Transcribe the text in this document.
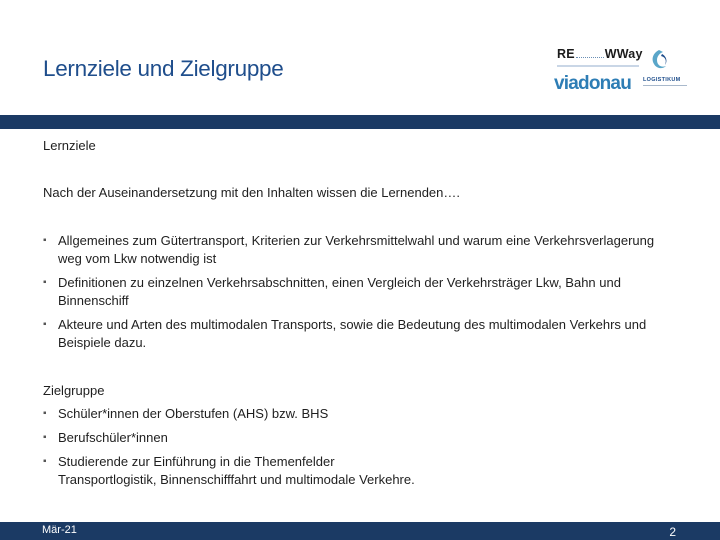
Lernziele und Zielgruppe
RE WWay
viadonau LOGISTIKUM
Lernziele
Nach der Auseinandersetzung mit den Inhalten wissen die Lernenden….
▪ Allgemeines zum Gütertransport, Kriterien zur Verkehrsmittelwahl und warum eine Verkehrsverlagerung weg vom Lkw notwendig ist
▪ Definitionen zu einzelnen Verkehrsabschnitten, einen Vergleich der Verkehrsträger Lkw, Bahn und Binnenschiff
▪ Akteure und Arten des multimodalen Transports, sowie die Bedeutung des multimodalen Verkehrs und Beispiele dazu.
Zielgruppe
▪ Schüler*innen der Oberstufen (AHS) bzw. BHS
▪ Berufschüler*innen
▪ Studierende zur Einführung in die Themenfelder Transportlogistik, Binnenschifffahrt und multimodale Verkehre.
Mär-21	2
